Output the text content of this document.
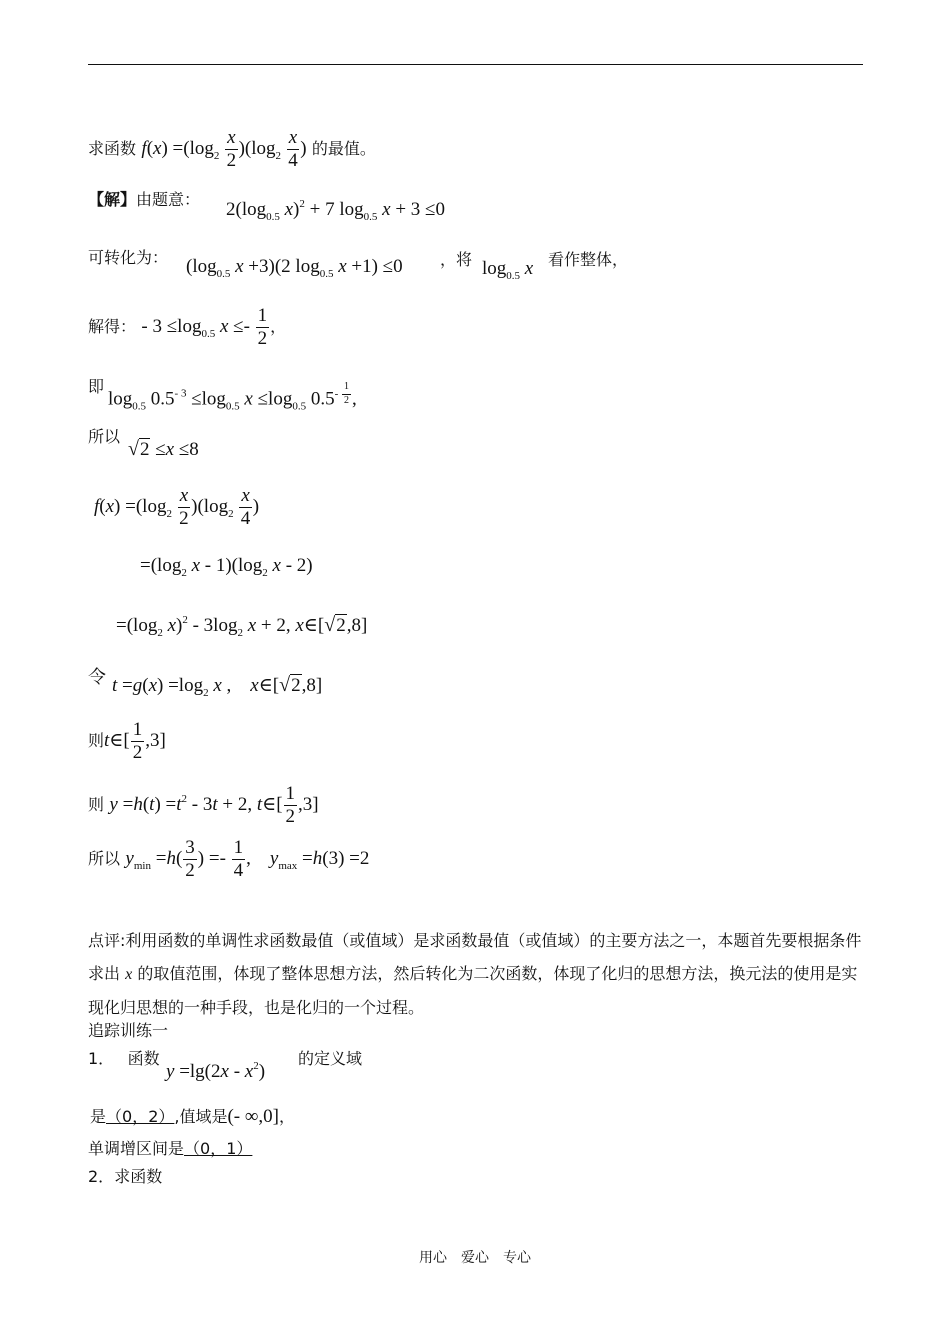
求函数 $f(x) =(\log_2 \frac{x}{2} )(\log_2 \frac{x}{4}$ ) 的最值。
【解】由题意： $2(\log_{0.5}$ x)$^2$ + 7 $\log_{0.5} x + 3 \le 0$
可转化为： ($\log_{0.5}$ x +3)(2 $\log_{0.5} x +1) \le 0$ ，将 $\log_{0.5} x$ 看作整体，
解得： - $3 \le\log_{0.5}$ $x \le- \frac{1}{2}$ ，
即
$\log_{0.5} 0.5^{- 3} \le\log_{0.5}$ $x \le\log_{0.5}$ $0.5^{- \frac{1}{2}}$ ,
所以
√2 ≤x ≤8
$f(x) =(\log_2 \frac{x}{2} )(\log_2 \frac{x}{4}$ )
$=(\log_2$ x - $1)(\log_2$ x - 2)
$=(\log_2$ $x)^2 - 3\log_2$ x + 2, x∈[√2,8]
令 $t =g(x) =\log_2$ x ,    x∈[√2,8]
则t∈[ $\frac{1}{2} ,3$]
则 $y =h(t) =t^2 - 3t + 2$, t∈[ $\frac{1}{2} ,3$]
所以 $y_{min} =h( \frac{3}{2}$ ) =- $\frac{1}{4}$ ,    $y_{max} =h(3) =2$
点评:利用函数的单调性求函数最值（或值域）是求函数最值（或值域）的主要方法之一，本题首先要根据条件求出 x 的取值范围，体现了整体思想方法，然后转化为二次函数，体现了化归的思想方法，换元法的使用是实现化归思想的一种手段，也是化归的一个过程。
追踪训练一
1． 函数
$y =\lg(2x - x^2)$
的定义域
是（0，2）,值域是(- ∞,0]，
单调增区间是（0，1）
2．求函数
用心　爱心　专心
